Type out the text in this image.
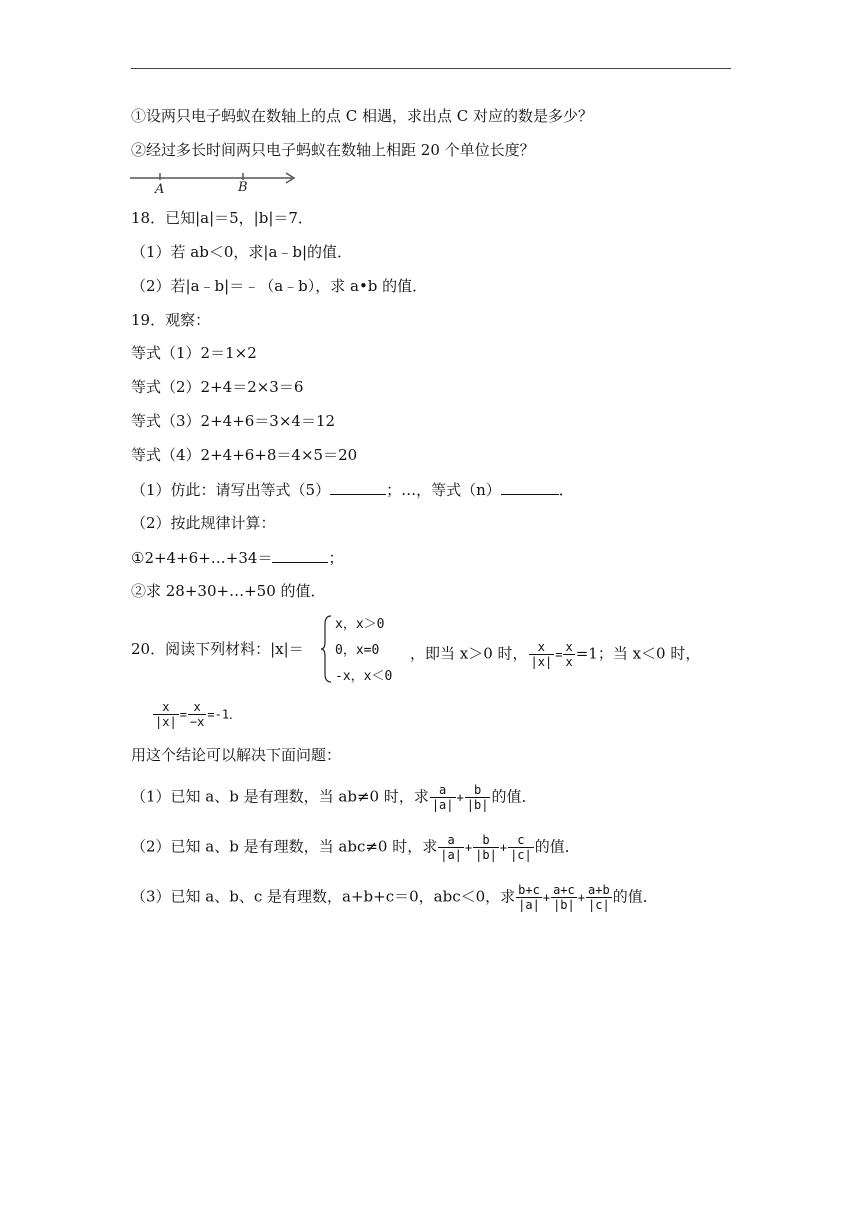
①设两只电子蚂蚁在数轴上的点 C 相遇，求出点 C 对应的数是多少？
②经过多长时间两只电子蚂蚁在数轴上相距 20 个单位长度？
A	B
18．已知|a|＝5，|b|＝7．
（1）若 ab＜0，求|a﹣b|的值．
（2）若|a﹣b|＝﹣（a﹣b），求 a•b 的值．
19．观察：
等式（1）2＝1×2
等式（2）2+4＝2×3＝6
等式（3）2+4+6＝3×4＝12
等式（4）2+4+6+8＝4×5＝20
（1）仿此：请写出等式（5）	；…，等式（n）	．
（2）按此规律计算：
①2+4+6+…+34＝	；
②求 28+30+…+50 的值．
20．阅读下列材料：|x|＝
x，x＞0
0，x=0
-x，x＜0
，即当 x＞0 时， $\frac{x}{|x|} = \frac{x}{x} =1$；当 x＜0 时，
$\frac{x}{|x|} = \frac{x}{-x} =-1$．
用这个结论可以解决下面问题：
（1）已知 a、b 是有理数，当 ab≠0 时，求 $\frac{a}{|a|} + \frac{b}{|b|}$ 的值．
（2）已知 a、b 是有理数，当 abc≠0 时，求 $\frac{a}{|a|} + \frac{b}{|b|} + \frac{c}{|c|}$ 的值．
（3）已知 a、b、c 是有理数，a+b+c＝0，abc＜0，求 $\frac{b+c}{|a|} + \frac{a+c}{|b|} + \frac{a+b}{|c|}$ 的值．
